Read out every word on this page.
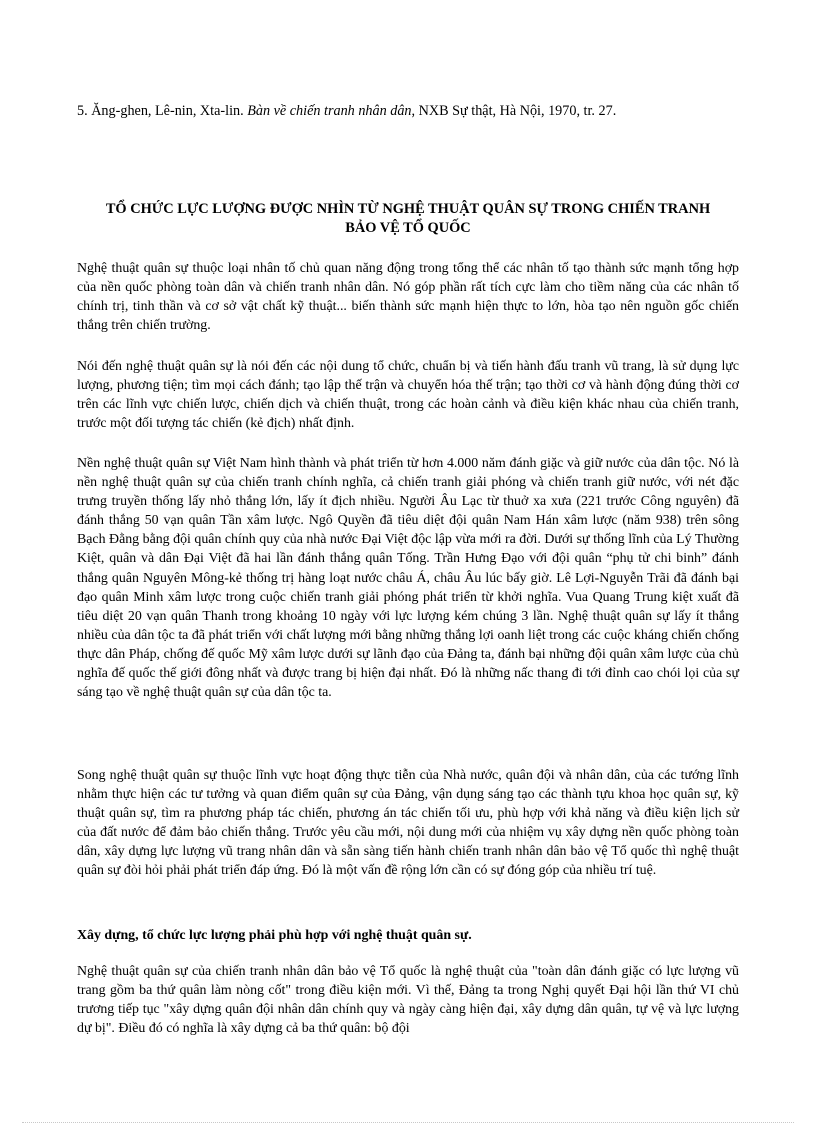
5. Ăng-ghen, Lê-nin, Xta-lin. Bàn về chiến tranh nhân dân, NXB Sự thật, Hà Nội, 1970, tr. 27.
TỔ CHỨC LỰC LƯỢNG ĐƯỢC NHÌN TỪ NGHỆ THUẬT QUÂN SỰ TRONG CHIẾN TRANH BẢO VỆ TỔ QUỐC

Nghệ thuật quân sự thuộc loại nhân tố chủ quan năng động trong tổng thể các nhân tố tạo thành sức mạnh tổng hợp của nền quốc phòng toàn dân và chiến tranh nhân dân. Nó góp phần rất tích cực làm cho tiềm năng của các nhân tố chính trị, tinh thần và cơ sở vật chất kỹ thuật... biến thành sức mạnh hiện thực to lớn, hòa tạo nên nguồn gốc chiến thắng trên chiến trường.

Nói đến nghệ thuật quân sự là nói đến các nội dung tổ chức, chuẩn bị và tiến hành đấu tranh vũ trang, là sử dụng lực lượng, phương tiện; tìm mọi cách đánh; tạo lập thế trận và chuyển hóa thế trận; tạo thời cơ và hành động đúng thời cơ trên các lĩnh vực chiến lược, chiến dịch và chiến thuật, trong các hoàn cảnh và điều kiện khác nhau của chiến tranh, trước một đối tượng tác chiến (kẻ địch) nhất định.

Nền nghệ thuật quân sự Việt Nam hình thành và phát triển từ hơn 4.000 năm đánh giặc và giữ nước của dân tộc. Nó là nền nghệ thuật quân sự của chiến tranh chính nghĩa, cả chiến tranh giải phóng và chiến tranh giữ nước, với nét đặc trưng truyền thống lấy nhỏ thắng lớn, lấy ít địch nhiều. Người Âu Lạc từ thuở xa xưa (221 trước Công nguyên) đã đánh thắng 50 vạn quân Tần xâm lược. Ngô Quyền đã tiêu diệt đội quân Nam Hán xâm lược (năm 938) trên sông Bạch Đằng bằng đội quân chính quy của nhà nước Đại Việt độc lập vừa mới ra đời. Dưới sự thống lĩnh của Lý Thường Kiệt, quân và dân Đại Việt đã hai lần đánh thắng quân Tống. Trần Hưng Đạo với đội quân “phụ tử chi binh” đánh thắng quân Nguyên Mông-kẻ thống trị hàng loạt nước châu Á, châu Âu lúc bấy giờ. Lê Lợi-Nguyễn Trãi đã đánh bại đạo quân Minh xâm lược trong cuộc chiến tranh giải phóng phát triển từ khởi nghĩa. Vua Quang Trung kiệt xuất đã tiêu diệt 20 vạn quân Thanh trong khoảng 10 ngày với lực lượng kém chúng 3 lần. Nghệ thuật quân sự lấy ít thắng nhiều của dân tộc ta đã phát triển với chất lượng mới bằng những thắng lợi oanh liệt trong các cuộc kháng chiến chống thực dân Pháp, chống đế quốc Mỹ xâm lược dưới sự lãnh đạo của Đảng ta, đánh bại những đội quân xâm lược của chủ nghĩa đế quốc thế giới đông nhất và được trang bị hiện đại nhất. Đó là những nấc thang đi tới đỉnh cao chói lọi của sự sáng tạo về nghệ thuật quân sự của dân tộc ta.

Song nghệ thuật quân sự thuộc lĩnh vực hoạt động thực tiễn của Nhà nước, quân đội và nhân dân, của các tướng lĩnh nhằm thực hiện các tư tưởng và quan điểm quân sự của Đảng, vận dụng sáng tạo các thành tựu khoa học quân sự, kỹ thuật quân sự, tìm ra phương pháp tác chiến, phương án tác chiến tối ưu, phù hợp với khả năng và điều kiện lịch sử của đất nước để đảm bảo chiến thắng. Trước yêu cầu mới, nội dung mới của nhiệm vụ xây dựng nền quốc phòng toàn dân, xây dựng lực lượng vũ trang nhân dân và sẵn sàng tiến hành chiến tranh nhân dân bảo vệ Tổ quốc thì nghệ thuật quân sự đòi hỏi phải phát triển đáp ứng. Đó là một vấn đề rộng lớn cần có sự đóng góp của nhiều trí tuệ.

Xây dựng, tổ chức lực lượng phải phù hợp với nghệ thuật quân sự.

Nghệ thuật quân sự của chiến tranh nhân dân bảo vệ Tổ quốc là nghệ thuật của "toàn dân đánh giặc có lực lượng vũ trang gồm ba thứ quân làm nòng cốt" trong điều kiện mới. Vì thế, Đảng ta trong Nghị quyết Đại hội lần thứ VI chủ trương tiếp tục "xây dựng quân đội nhân dân chính quy và ngày càng hiện đại, xây dựng dân quân, tự vệ và lực lượng dự bị". Điều đó có nghĩa là xây dựng cả ba thứ quân: bộ đội
